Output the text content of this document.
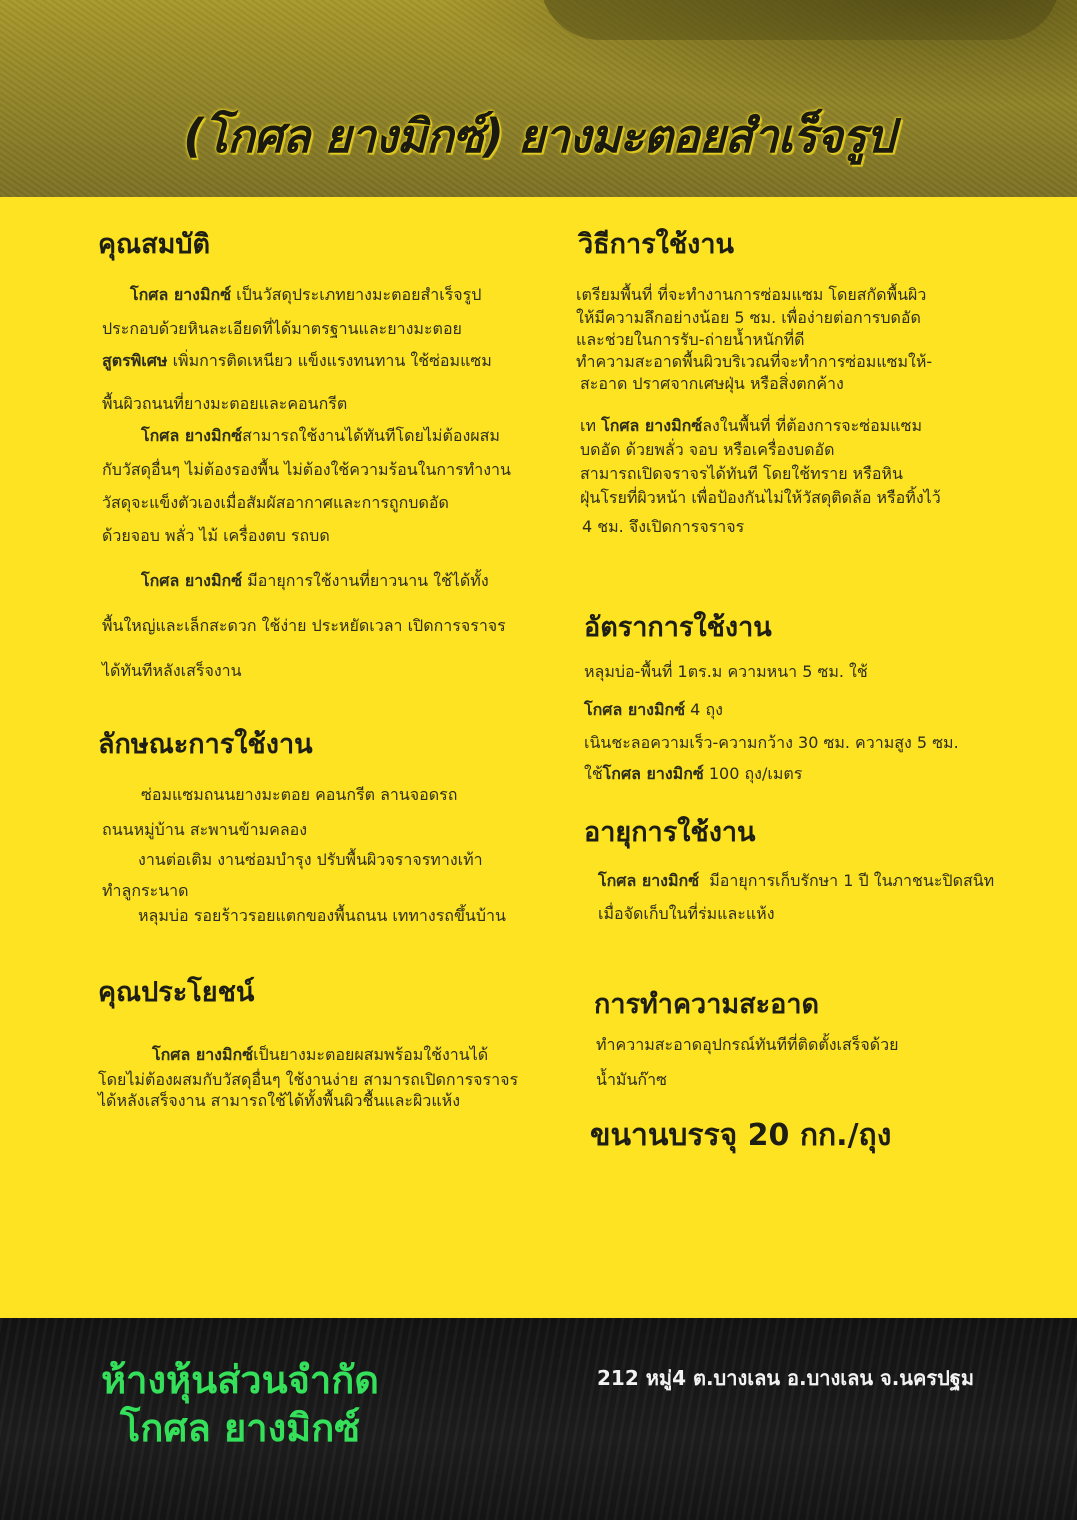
(โกศล ยางมิกซ์) ยางมะตอยสำเร็จรูป
คุณสมบัติ
โกศล ยางมิกซ์ เป็นวัสดุประเภทยางมะตอยสำเร็จรูป
ประกอบด้วยหินละเอียดที่ได้มาตรฐานและยางมะตอย
สูตรพิเศษ เพิ่มการติดเหนียว แข็งแรงทนทาน ใช้ซ่อมแซม
พื้นผิวถนนที่ยางมะตอยและคอนกรีต
โกศล ยางมิกซ์สามารถใช้งานได้ทันทีโดยไม่ต้องผสม
กับวัสดุอื่นๆ ไม่ต้องรองพื้น ไม่ต้องใช้ความร้อนในการทำงาน
วัสดุจะแข็งตัวเองเมื่อสัมผัสอากาศและการถูกบดอัด
ด้วยจอบ พลั่ว ไม้ เครื่องตบ รถบด
โกศล ยางมิกซ์ มีอายุการใช้งานที่ยาวนาน ใช้ได้ทั้ง
พื้นใหญ่และเล็กสะดวก ใช้ง่าย ประหยัดเวลา เปิดการจราจร
ได้ทันทีหลังเสร็จงาน
ลักษณะการใช้งาน
ซ่อมแซมถนนยางมะตอย คอนกรีต ลานจอดรถ
ถนนหมู่บ้าน สะพานข้ามคลอง
งานต่อเติม งานซ่อมบำรุง ปรับพื้นผิวจราจรทางเท้า
ทำลูกระนาด
หลุมบ่อ รอยร้าวรอยแตกของพื้นถนน เททางรถขึ้นบ้าน
คุณประโยชน์
โกศล ยางมิกซ์เป็นยางมะตอยผสมพร้อมใช้งานได้
โดยไม่ต้องผสมกับวัสดุอื่นๆ ใช้งานง่าย สามารถเปิดการจราจร
ได้หลังเสร็จงาน สามารถใช้ได้ทั้งพื้นผิวชื้นและผิวแห้ง
วิธีการใช้งาน
เตรียมพื้นที่ ที่จะทำงานการซ่อมแซม โดยสกัดพื้นผิว
ให้มีความลึกอย่างน้อย 5 ซม. เพื่อง่ายต่อการบดอัด
และช่วยในการรับ-ถ่ายน้ำหนักที่ดี
ทำความสะอาดพื้นผิวบริเวณที่จะทำการซ่อมแซมให้-
สะอาด ปราศจากเศษฝุ่น หรือสิ่งตกค้าง
เท โกศล ยางมิกซ์ลงในพื้นที่ ที่ต้องการจะซ่อมแซม
บดอัด ด้วยพลั่ว จอบ หรือเครื่องบดอัด
สามารถเปิดจราจรได้ทันที โดยใช้ทราย หรือหิน
ฝุ่นโรยที่ผิวหน้า เพื่อป้องกันไม่ให้วัสดุติดล้อ หรือทิ้งไว้
4 ชม. จึงเปิดการจราจร
อัตราการใช้งาน
หลุมบ่อ-พื้นที่ 1ตร.ม ความหนา 5 ซม. ใช้
โกศล ยางมิกซ์ 4 ถุง
เนินชะลอความเร็ว-ความกว้าง 30 ซม. ความสูง 5 ซม.
ใช้โกศล ยางมิกซ์ 100 ถุง/เมตร
อายุการใช้งาน
โกศล ยางมิกซ์ มีอายุการเก็บรักษา 1 ปี ในภาชนะปิดสนิท
เมื่อจัดเก็บในที่ร่มและแห้ง
การทำความสะอาด
ทำความสะอาดอุปกรณ์ทันทีที่ติดตั้งเสร็จด้วย
น้ำมันก๊าซ
ขนานบรรจุ 20 กก./ถุง
ห้างหุ้นส่วนจำกัด
โกศล ยางมิกซ์
212 หมู่4 ต.บางเลน อ.บางเลน จ.นครปฐม
